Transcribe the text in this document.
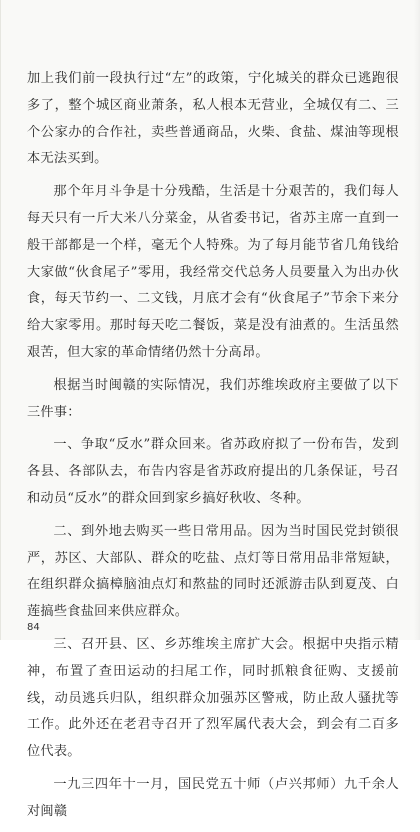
加上我们前一段执行过“左”的政策，宁化城关的群众已逃跑很多了，整个城区商业萧条，私人根本无营业，全城仅有二、三个公家办的合作社，卖些普通商品，火柴、食盐、煤油等现根本无法买到。

那个年月斗争是十分残酷，生活是十分艰苦的，我们每人每天只有一斤大米八分菜金，从省委书记，省苏主席一直到一般干部都是一个样，毫无个人特殊。为了每月能节省几角钱给大家做“伙食尾子”零用，我经常交代总务人员要量入为出办伙食，每天节约一、二文钱，月底才会有“伙食尾子”节余下来分给大家零用。那时每天吃二餐饭，菜是没有油煮的。生活虽然艰苦，但大家的革命情绪仍然十分高昂。

根据当时闽赣的实际情况，我们苏维埃政府主要做了以下三件事：

一、争取“反水”群众回来。省苏政府拟了一份布告，发到各县、各部队去，布告内容是省苏政府提出的几条保证，号召和动员“反水”的群众回到家乡搞好秋收、冬种。

二、到外地去购买一些日常用品。因为当时国民党封锁很严，苏区、大部队、群众的吃盐、点灯等日常用品非常短缺，在组织群众搞樟脑油点灯和熬盐的同时还派游击队到夏茂、白莲搞些食盐回来供应群众。

三、召开县、区、乡苏维埃主席扩大会。根据中央指示精神，布置了查田运动的扫尾工作，同时抓粮食征购、支援前线，动员逃兵归队，组织群众加强苏区警戒，防止敌人骚扰等工作。此外还在老君寺召开了烈军属代表大会，到会有二百多位代表。

一九三四年十一月，国民党五十师（卢兴邦师）九千余人对闽赣

84
